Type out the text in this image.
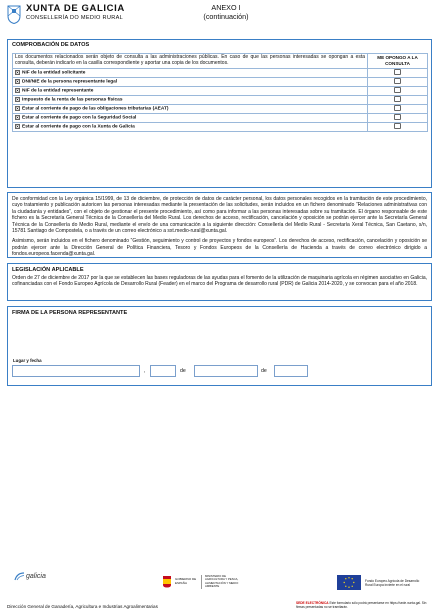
XUNTA DE GALICIA
CONSELLERÍA DO MEDIO RURAL
ANEXO I
(continuación)
COMPROBACIÓN DE DATOS
Los documentos relacionados serán objeto de consulta a las administraciones públicas. En caso de que las personas interesadas se opongan a esta consulta, deberán indicarlo en la casilla correspondiente y aportar una copia de los documentos.	ME OPONGO A LA CONSULTA
× NIF de la entidad solicitante	
× DNI/NIE de la persona representante legal	
× NIF de la entidad representante	
× Impuesto de la renta de las personas físicas	
× Estar al corriente de pago de las obligaciones tributarias (AEAT)	
× Estar al corriente de pago con la Seguridad Social	
× Estar al corriente de pago con la Xunta de Galicia	

De conformidad con la Ley orgánica 15/1999, de 13 de diciembre, de protección de datos de carácter personal, los datos personales recogidos en la tramitación de este procedimiento, cuyo tratamiento y publicación autoricen las personas interesadas mediante la presentación de las solicitudes, serán incluidos en un fichero denominado “Relaciones administrativas con la ciudadanía y entidades”, con el objeto de gestionar el presente procedimiento, así como para informar a las personas interesadas sobre su tramitación. El órgano responsable de este fichero es la Secretaría General Técnica de la Consellería del Medio Rural. Los derechos de acceso, rectificación, cancelación y oposición se podrán ejercer ante la Secretaría General Técnica de la Consellería do Medio Rural, mediante el envío de una comunicación a la siguiente dirección: Consellería del Medio Rural - Secretaría Xeral Técnica, San Caetano, s/n, 15781 Santiago de Compostela, o a través de un correo electrónico a sxt.medio-rural@xunta.gal.

Asimismo, serán incluidos en el fichero denominado “Gestión, seguimiento y control de proyectos y fondos europeos”. Los derechos de acceso, rectificación, cancelación y oposición se podrán ejercer ante la Dirección General de Política Financiera, Tesoro y Fondos Europeos de la Consellería de Hacienda a través de correo electrónico dirigido a fondos.europeos.facenda@xunta.gal.

LEGISLACIÓN APLICABLE

Orden de 27 de diciembre de 2017 por la que se establecen las bases reguladoras de las ayudas para el fomento de la utilización de maquinaria agrícola en régimen asociativo en Galicia, cofinanciadas con el Fondo Europeo Agrícola de Desarrollo Rural (Feader) en el marco del Programa de desarrollo rural (PDR) de Galicia 2014-2020, y se convocan para el año 2018.

FIRMA DE LA PERSONA REPRESENTANTE
Lugar y fecha
,	de	de
galicia	GOBIERNO DE ESPAÑA
MINISTERIO DE AGRICULTURA Y PESCA, ALIMENTACIÓN Y MEDIO AMBIENTE
Fondo Europeo Agrícola de Desarrollo Rural Europa invierte en el rural
Dirección General de Ganadería, Agricultura e Industrias Agroalimentarias
SEDE ELECTRÓNICA Este formulario sólo podrá presentarse en https://sede.xunta.gal. Sin firmas presentadas no se tramitarán.
